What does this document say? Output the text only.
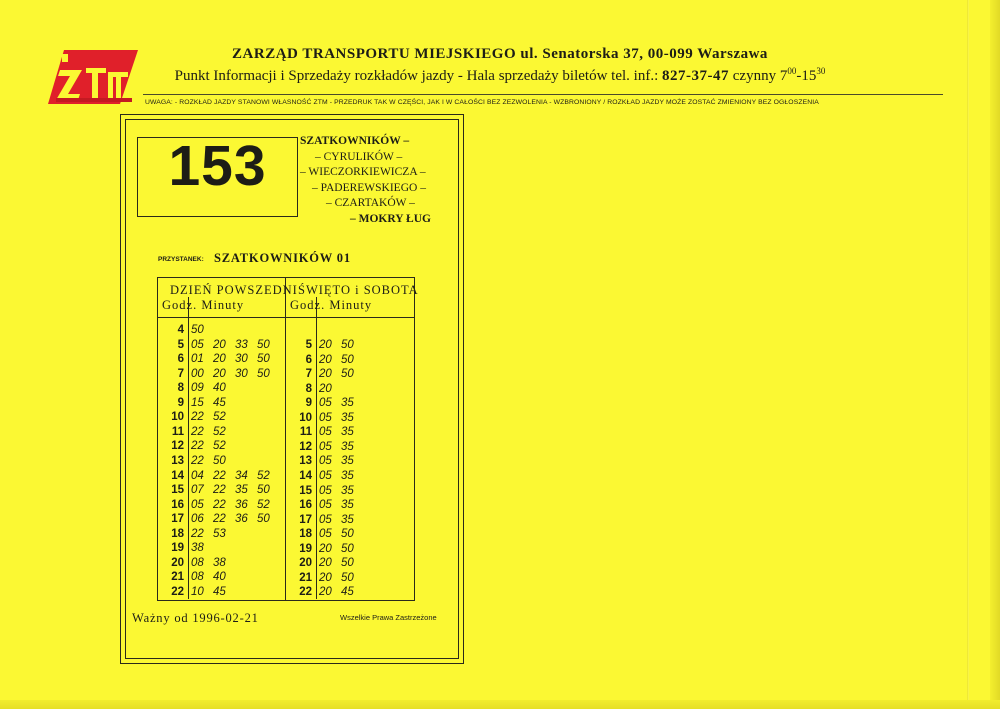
ZARZĄD TRANSPORTU MIEJSKIEGO ul. Senatorska 37, 00-099 Warszawa
Punkt Informacji i Sprzedaży rozkładów jazdy - Hala sprzedaży biletów tel. inf.: 827-37-47 czynny $7^{00}-15^{30}$
UWAGA: - ROZKŁAD JAZDY STANOWI WŁASNOŚĆ ZTM - PRZEDRUK TAK W CZĘŚCI, JAK I W CAŁOŚCI BEZ ZEZWOLENIA - WZBRONIONY / ROZKŁAD JAZDY MOŻE ZOSTAĆ ZMIENIONY BEZ OGŁOSZENIA
153	SZATKOWNIKÓW –
– CYRULIKÓW –
– WIECZORKIEWICZA –
– PADEREWSKIEGO –
– CZARTAKÓW –
– MOKRY ŁUG
PRZYSTANEK: SZATKOWNIKÓW 01
DZIEŃ POWSZEDNI
Godz. Minuty
ŚWIĘTO i SOBOTA
Godz. Minuty
4 50
5 05 20 33 50
6 01 20 30 50
7 00 20 30 50
8 09 40
9 15 45
10 22 52
11 22 52
12 22 52
13 22 50
14 04 22 34 52
15 07 22 35 50
16 05 22 36 52
17 06 22 36 50
18 22 53
19 38
20 08 38
21 08 40
22 10 45
5 20 50
6 20 50
7 20 50
8 20
9 05 35
10 05 35
11 05 35
12 05 35
13 05 35
14 05 35
15 05 35
16 05 35
17 05 35
18 05 50
19 20 50
20 20 50
21 20 50
22 20 45
Ważny od 1996-02-21	Wszelkie Prawa Zastrzeżone
